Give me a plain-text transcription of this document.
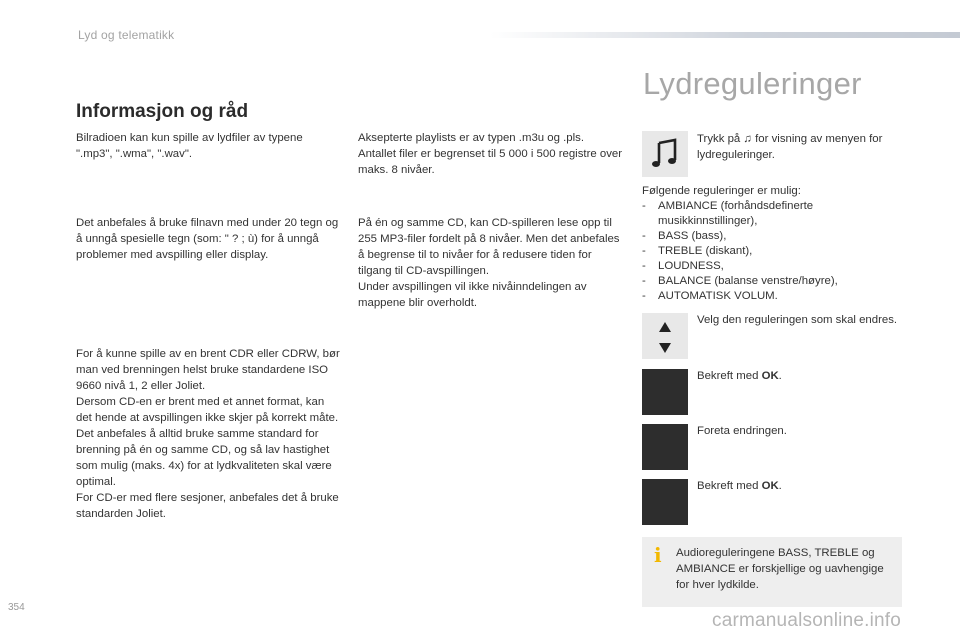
Lyd og telematikk
Lydreguleringer
Informasjon og råd

Bilradioen kan kun spille av lydfiler av typene ".mp3", ".wma", ".wav".

Det anbefales å bruke filnavn med under 20 tegn og å unngå spesielle tegn (som: " ? ; ù) for å unngå problemer med avspilling eller display.

For å kunne spille av en brent CDR eller CDRW, bør man ved brenningen helst bruke standardene ISO 9660 nivå 1, 2 eller Joliet.
Dersom CD-en er brent med et annet format, kan det hende at avspillingen ikke skjer på korrekt måte.
Det anbefales å alltid bruke samme standard for brenning på én og samme CD, og så lav hastighet som mulig (maks. 4x) for at lydkvaliteten skal være optimal.
For CD-er med flere sesjoner, anbefales det å bruke standarden Joliet.

Aksepterte playlists er av typen .m3u og .pls.
Antallet filer er begrenset til 5 000 i 500 registre over maks. 8 nivåer.

På én og samme CD, kan CD-spilleren lese opp til 255 MP3-filer fordelt på 8 nivåer. Men det anbefales å begrense til to nivåer for å redusere tiden for tilgang til CD-avspillingen.
Under avspillingen vil ikke nivåinndelingen av mappene blir overholdt.

Trykk på ♫ for visning av menyen for lydreguleringer.
Følgende reguleringer er mulig:
- AMBIANCE (forhåndsdefinerte musikkinnstillinger),
- BASS (bass),
- TREBLE (diskant),
- LOUDNESS,
- BALANCE (balanse venstre/høyre),
- AUTOMATISK VOLUM.
Velg den reguleringen som skal endres.
Bekreft med OK.
Foreta endringen.
Bekreft med OK.
i Audioreguleringene BASS, TREBLE og AMBIANCE er forskjellige og uavhengige for hver lydkilde.
354
carmanualsonline.info
